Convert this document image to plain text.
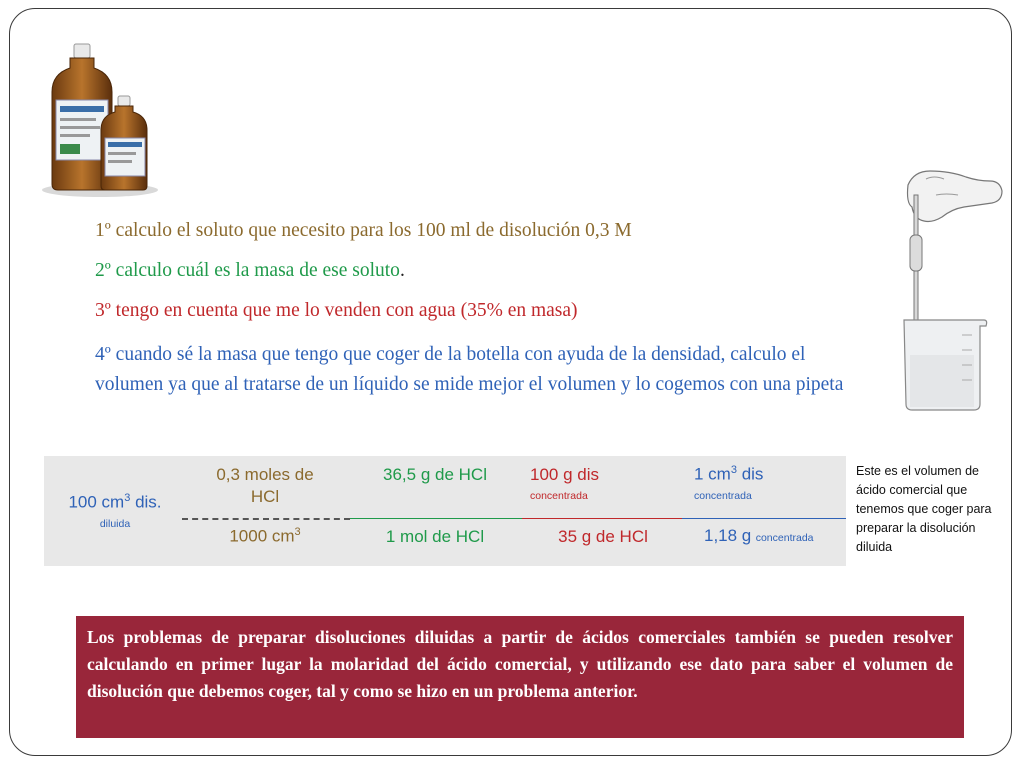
1º calculo el soluto que necesito para los 100 ml de disolución 0,3 M

2º calculo cuál es la masa de ese soluto.

3º tengo en cuenta que me lo venden con agua (35% en masa)

4º cuando sé la masa que tengo que coger de la botella con ayuda de la densidad, calculo el volumen ya que al tratarse de un líquido se mide mejor el volumen y lo cogemos con una pipeta

100 $cm^3$ dis.
diluida
0,3 moles de HCl
1000 $cm^3$
36,5 g de HCl
1 mol de HCl
100 g dis
concentrada
35 g de HCl
1 $cm^3$ dis
concentrada
1,18 g concentrada
Este es el volumen de ácido comercial que tenemos que coger para preparar la disolución diluida
Los problemas de preparar disoluciones diluidas a partir de ácidos comerciales también se pueden resolver calculando en primer lugar la molaridad del ácido comercial, y utilizando ese dato para saber el volumen de disolución que debemos coger, tal y como se hizo en un problema anterior.
